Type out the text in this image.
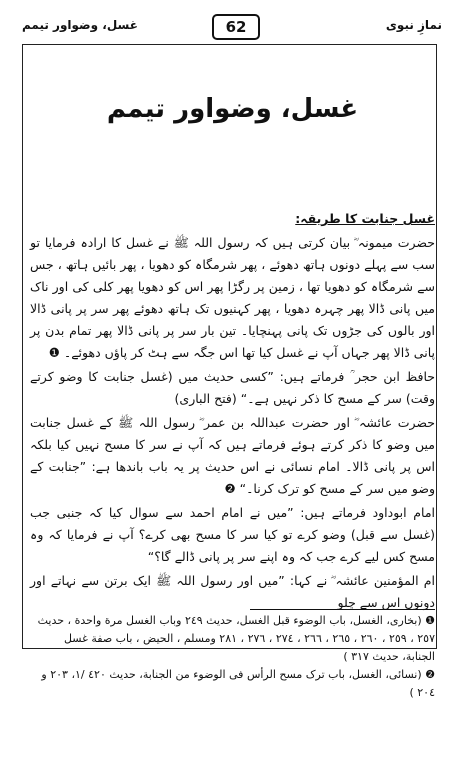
غسل، وضواور تیمم	62	نمازِ نبوی
غسل، وضواور تیمم

غسل جنابت کا طریقہ:

حضرت میمونہ ؓ بیان کرتی ہیں کہ رسول اللہ ﷺ نے غسل کا ارادہ فرمایا تو سب سے پہلے دونوں ہاتھ دھوئے ، پھر شرمگاہ کو دھویا ، پھر بائیں ہاتھ ، جس سے شرمگاہ کو دھویا تھا ، زمین پر رگڑا پھر اس کو دھویا پھر کلی کی اور ناک میں پانی ڈالا پھر چہرہ دھویا ، پھر کہنیوں تک ہاتھ دھوئے پھر سر پر پانی ڈالا اور بالوں کی جڑوں تک پانی پہنچایا۔ تین بار سر پر پانی ڈالا پھر تمام بدن پر پانی ڈالا پھر جہاں آپ نے غسل کیا تھا اس جگہ سے ہٹ کر پاؤں دھوئے۔ ❶

حافظ ابن حجر ؒ فرماتے ہیں: ”کسی حدیث میں (غسل جنابت کا وضو کرتے وقت) سر کے مسح کا ذکر نہیں ہے۔“ (فتح الباری)

حضرت عائشہ ؓ اور حضرت عبداللہ بن عمر ؓ رسول اللہ ﷺ کے غسل جنابت میں وضو کا ذکر کرتے ہوئے فرماتے ہیں کہ آپ نے سر کا مسح نہیں کیا بلکہ اس پر پانی ڈالا۔ امام نسائی نے اس حدیث پر یہ باب باندھا ہے: ”جنابت کے وضو میں سر کے مسح کو ترک کرنا۔“ ❷

امام ابوداود فرماتے ہیں: ”میں نے امام احمد سے سوال کیا کہ جنبی جب (غسل سے قبل) وضو کرے تو کیا سر کا مسح بھی کرے؟ آپ نے فرمایا کہ وہ مسح کس لیے کرے جب کہ وہ اپنے سر پر پانی ڈالے گا؟“

ام المؤمنین عائشہ ؓ نے کہا: ”میں اور رسول اللہ ﷺ ایک برتن سے نہاتے اور دونوں اس سے چلو

❶ (بخاری، الغسل، باب الوضوء قبل الغسل، حدیث ٢٤٩ وباب الغسل مرة واحدة ، حدیث ٢٥٧ ، ٢٥٩ ، ٢٦٠ ، ٢٦٥ ، ٢٦٦ ، ٢٧٤ ، ٢٧٦ ، ٢٨١ ومسلم ، الحیض ، باب صفة غسل الجنابة، حدیث ٣١٧ )

❷ (نسائی، الغسل، باب ترک مسح الرأس فی الوضوء من الجنابة، حدیث ٤٢٠ /١، ٢٠٣ و ٢٠٤ )
